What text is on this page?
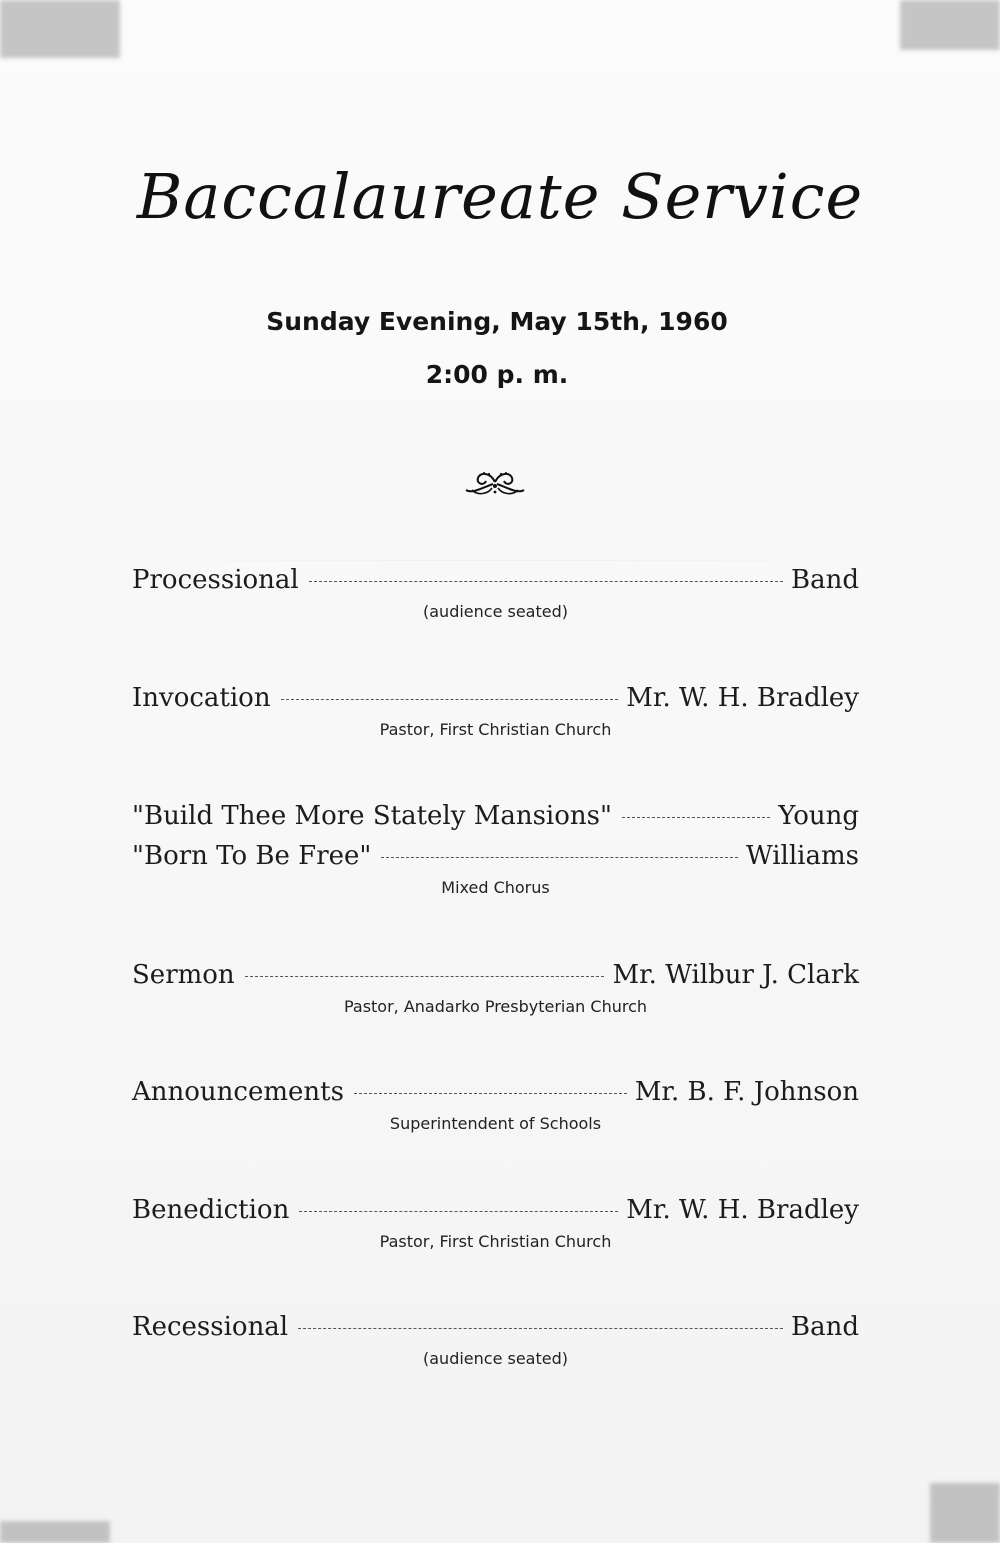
Baccalaureate Service
Sunday Evening, May 15th, 1960
2:00 p. m.
Processional	Band
(audience seated)
Invocation	Mr. W. H. Bradley
Pastor, First Christian Church
"Build Thee More Stately Mansions"	Young
"Born To Be Free"	Williams
Mixed Chorus
Sermon	Mr. Wilbur J. Clark
Pastor, Anadarko Presbyterian Church
Announcements	Mr. B. F. Johnson
Superintendent of Schools
Benediction	Mr. W. H. Bradley
Pastor, First Christian Church
Recessional	Band
(audience seated)
